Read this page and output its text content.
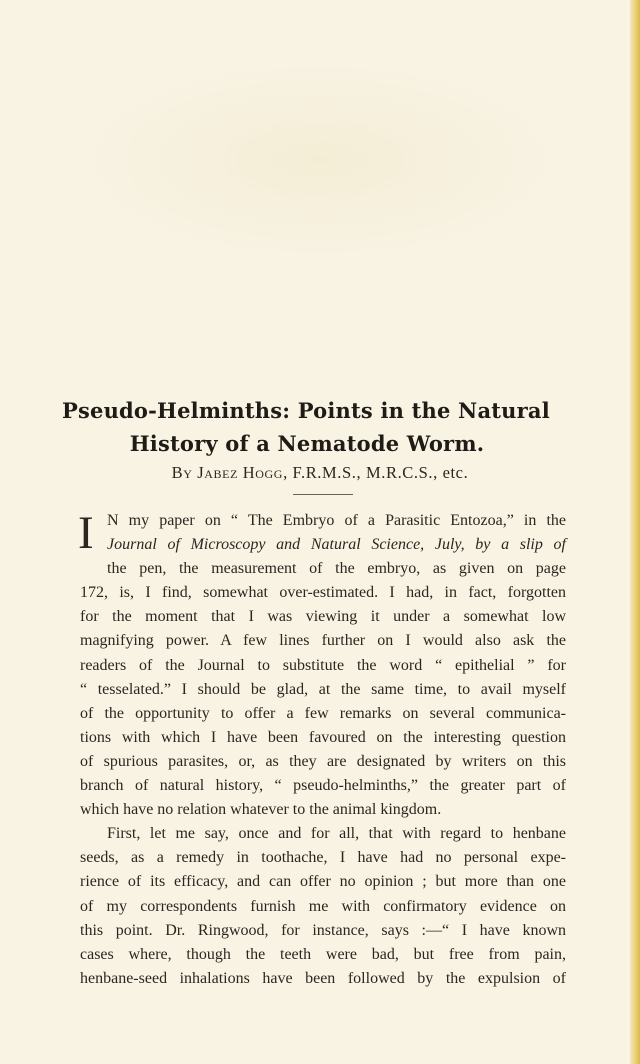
Pseudo-Helminths: Points in the Natural
History of a Nematode Worm.
By Jabez Hogg, F.R.M.S., M.R.C.S., etc.
I N my paper on “ The Embryo of a Parasitic Entozoa,” in the
Journal of Microscopy and Natural Science, July, by a slip of
the pen, the measurement of the embryo, as given on page
172, is, I find, somewhat over-estimated. I had, in fact, forgotten
for the moment that I was viewing it under a somewhat low
magnifying power. A few lines further on I would also ask the
readers of the Journal to substitute the word “ epithelial ” for
“ tesselated.” I should be glad, at the same time, to avail myself
of the opportunity to offer a few remarks on several communica-
tions with which I have been favoured on the interesting question
of spurious parasites, or, as they are designated by writers on this
branch of natural history, “ pseudo-helminths,” the greater part of
which have no relation whatever to the animal kingdom.
First, let me say, once and for all, that with regard to henbane
seeds, as a remedy in toothache, I have had no personal expe-
rience of its efficacy, and can offer no opinion ; but more than one
of my correspondents furnish me with confirmatory evidence on
this point. Dr. Ringwood, for instance, says :—“ I have known
cases where, though the teeth were bad, but free from pain,
henbane-seed inhalations have been followed by the expulsion of
